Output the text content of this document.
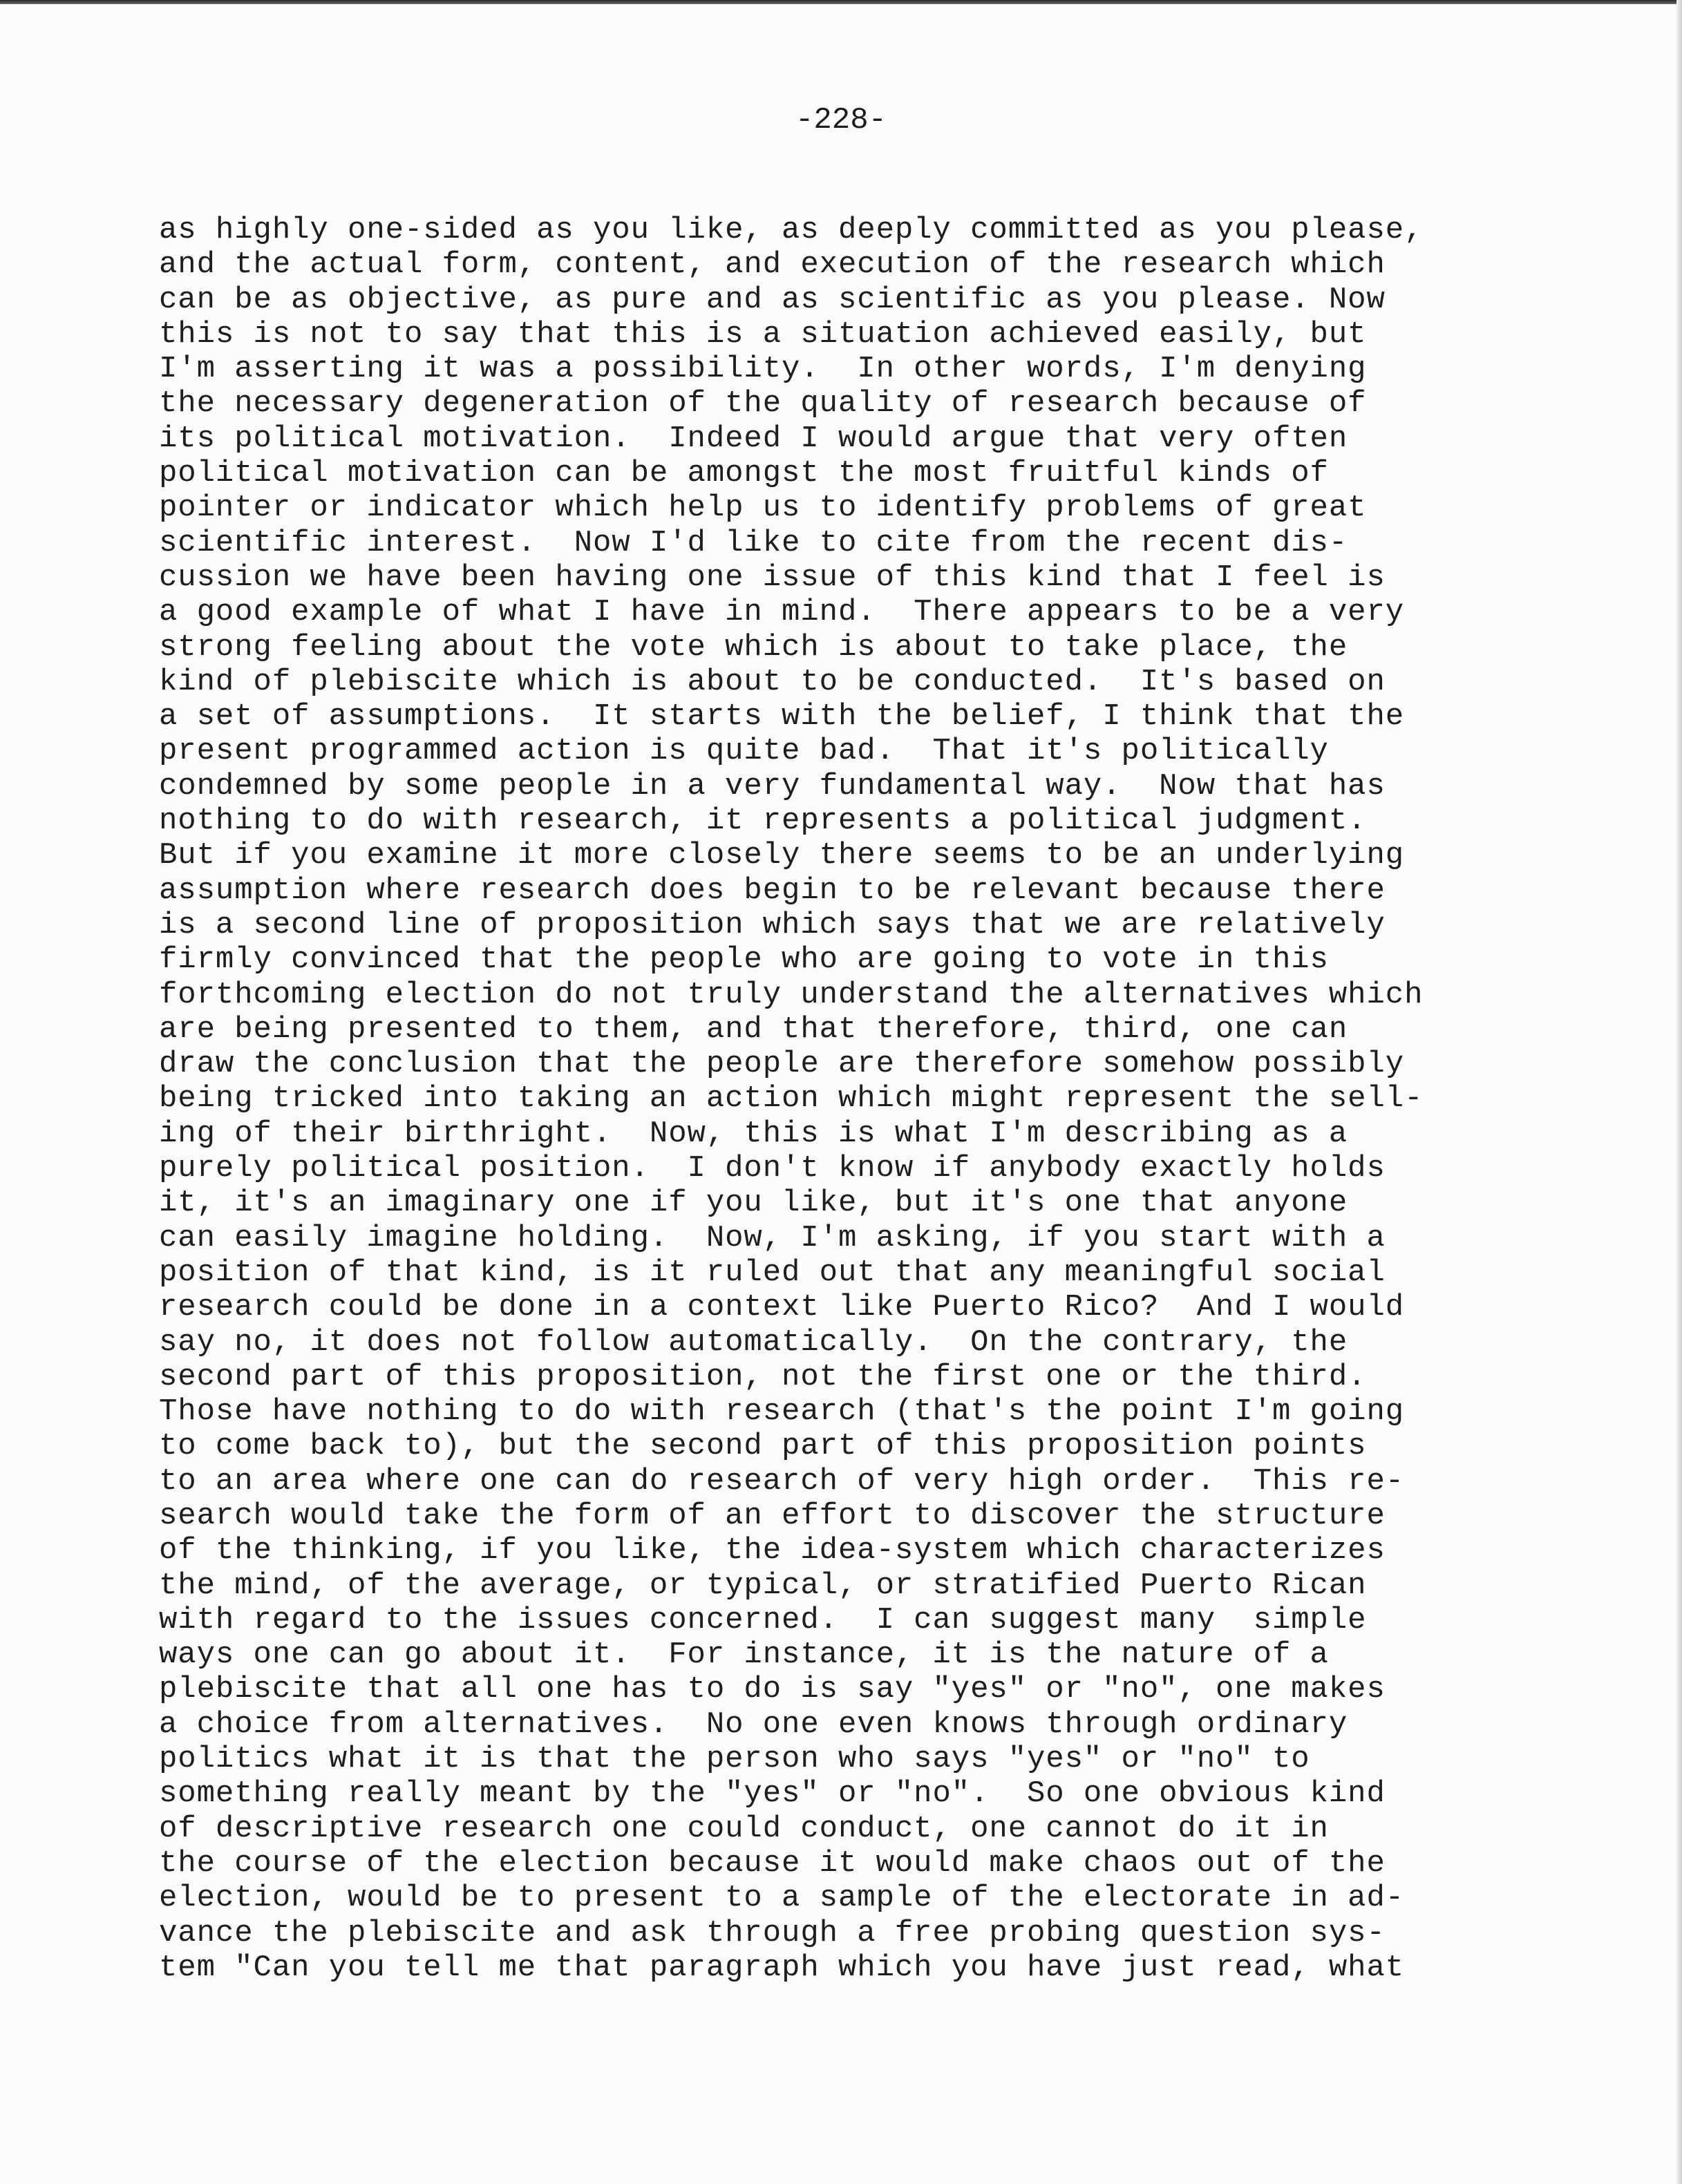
-228-
as highly one-sided as you like, as deeply committed as you please,
and the actual form, content, and execution of the research which
can be as objective, as pure and as scientific as you please. Now
this is not to say that this is a situation achieved easily, but
I'm asserting it was a possibility.  In other words, I'm denying
the necessary degeneration of the quality of research because of
its political motivation.  Indeed I would argue that very often
political motivation can be amongst the most fruitful kinds of
pointer or indicator which help us to identify problems of great
scientific interest.  Now I'd like to cite from the recent dis-
cussion we have been having one issue of this kind that I feel is
a good example of what I have in mind.  There appears to be a very
strong feeling about the vote which is about to take place, the
kind of plebiscite which is about to be conducted.  It's based on
a set of assumptions.  It starts with the belief, I think that the
present programmed action is quite bad.  That it's politically
condemned by some people in a very fundamental way.  Now that has
nothing to do with research, it represents a political judgment.
But if you examine it more closely there seems to be an underlying
assumption where research does begin to be relevant because there
is a second line of proposition which says that we are relatively
firmly convinced that the people who are going to vote in this
forthcoming election do not truly understand the alternatives which
are being presented to them, and that therefore, third, one can
draw the conclusion that the people are therefore somehow possibly
being tricked into taking an action which might represent the sell-
ing of their birthright.  Now, this is what I'm describing as a
purely political position.  I don't know if anybody exactly holds
it, it's an imaginary one if you like, but it's one that anyone
can easily imagine holding.  Now, I'm asking, if you start with a
position of that kind, is it ruled out that any meaningful social
research could be done in a context like Puerto Rico?  And I would
say no, it does not follow automatically.  On the contrary, the
second part of this proposition, not the first one or the third.
Those have nothing to do with research (that's the point I'm going
to come back to), but the second part of this proposition points
to an area where one can do research of very high order.  This re-
search would take the form of an effort to discover the structure
of the thinking, if you like, the idea-system which characterizes
the mind, of the average, or typical, or stratified Puerto Rican
with regard to the issues concerned.  I can suggest many  simple
ways one can go about it.  For instance, it is the nature of a
plebiscite that all one has to do is say "yes" or "no", one makes
a choice from alternatives.  No one even knows through ordinary
politics what it is that the person who says "yes" or "no" to
something really meant by the "yes" or "no".  So one obvious kind
of descriptive research one could conduct, one cannot do it in
the course of the election because it would make chaos out of the
election, would be to present to a sample of the electorate in ad-
vance the plebiscite and ask through a free probing question sys-
tem "Can you tell me that paragraph which you have just read, what
